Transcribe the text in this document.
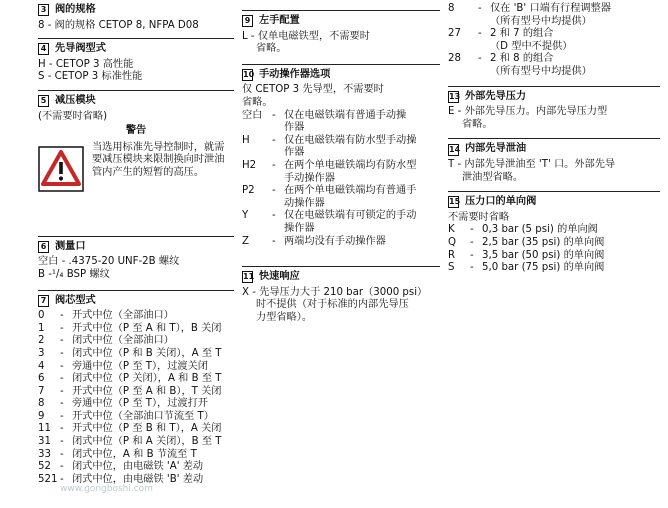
3 阀的规格
8 - 阀的规格 CETOP 8, NFPA D08
4 先导阀型式
H - CETOP 3 高性能
S - CETOP 3 标准性能
5 减压模块
(不需要时省略)
警告
当选用标准先导控制时，就需
要减压模块来限制换向时泄油
管内产生的短暂的高压。
6 测量口
空白 - .4375-20 UNF-2B 螺纹
B -¹/₄ BSP 螺纹
7 阀芯型式
0	- 开式中位（全部油口）
1	- 开式中位（P 至 A 和 T），B 关闭
2	- 闭式中位（全部油口）
3	- 闭式中位（P 和 B 关闭），A 至 T
4	- 旁通中位（P 至 T），过渡关闭
6	- 闭式中位（P 关闭），A 和 B 至 T
7	- 开式中位（P 至 A 和 B），T 关闭
8	- 旁通中位（P 至 T），过渡打开
9	- 开式中位（全部油口节流至 T）
11 - 开式中位（P 至 B 和 T），A 关闭
31 - 闭式中位（P 和 A 关闭），B 至 T
33 - 闭式中位，A 和 B 节流至 T
52 - 闭式中位，由电磁铁 'A' 差动
521 - 闭式中位，由电磁铁 'B' 差动
9 左手配置
L - 仅单电磁铁型，不需要时
省略。
10 手动操作器选项
仅 CETOP 3 先导型，不需要时
省略。
空白 - 仅在电磁铁端有普通手动操
作器
H	- 仅在电磁铁端有防水型手动操
作器
H2	- 在两个单电磁铁端均有防水型
手动操作器
P2	- 在两个单电磁铁端均有普通手
动操作器
Y	- 仅在电磁铁端有可锁定的手动
操作器
Z	- 两端均没有手动操作器
11 快速响应
X - 先导压力大于 210 bar（3000 psi）
时不提供（对于标准的内部先导压
力型省略）。
8	- 仅在 'B' 口端有行程调整器
（所有型号中均提供）
27	- 2 和 7 的组合
（D 型中不提供）
28	- 2 和 8 的组合
（所有型号中均提供）
13 外部先导压力
E - 外部先导压力。内部先导压力型
省略。
14 内部先导泄油
T - 内部先导泄油至 'T' 口。外部先导
泄油型省略。
15 压力口的单向阀
不需要时省略
K	- 0,3 bar (5 psi) 的单向阀
Q	- 2,5 bar (35 psi) 的单向阀
R	- 3,5 bar (50 psi) 的单向阀
S	- 5,0 bar (75 psi) 的单向阀
www.gongboshi.com
